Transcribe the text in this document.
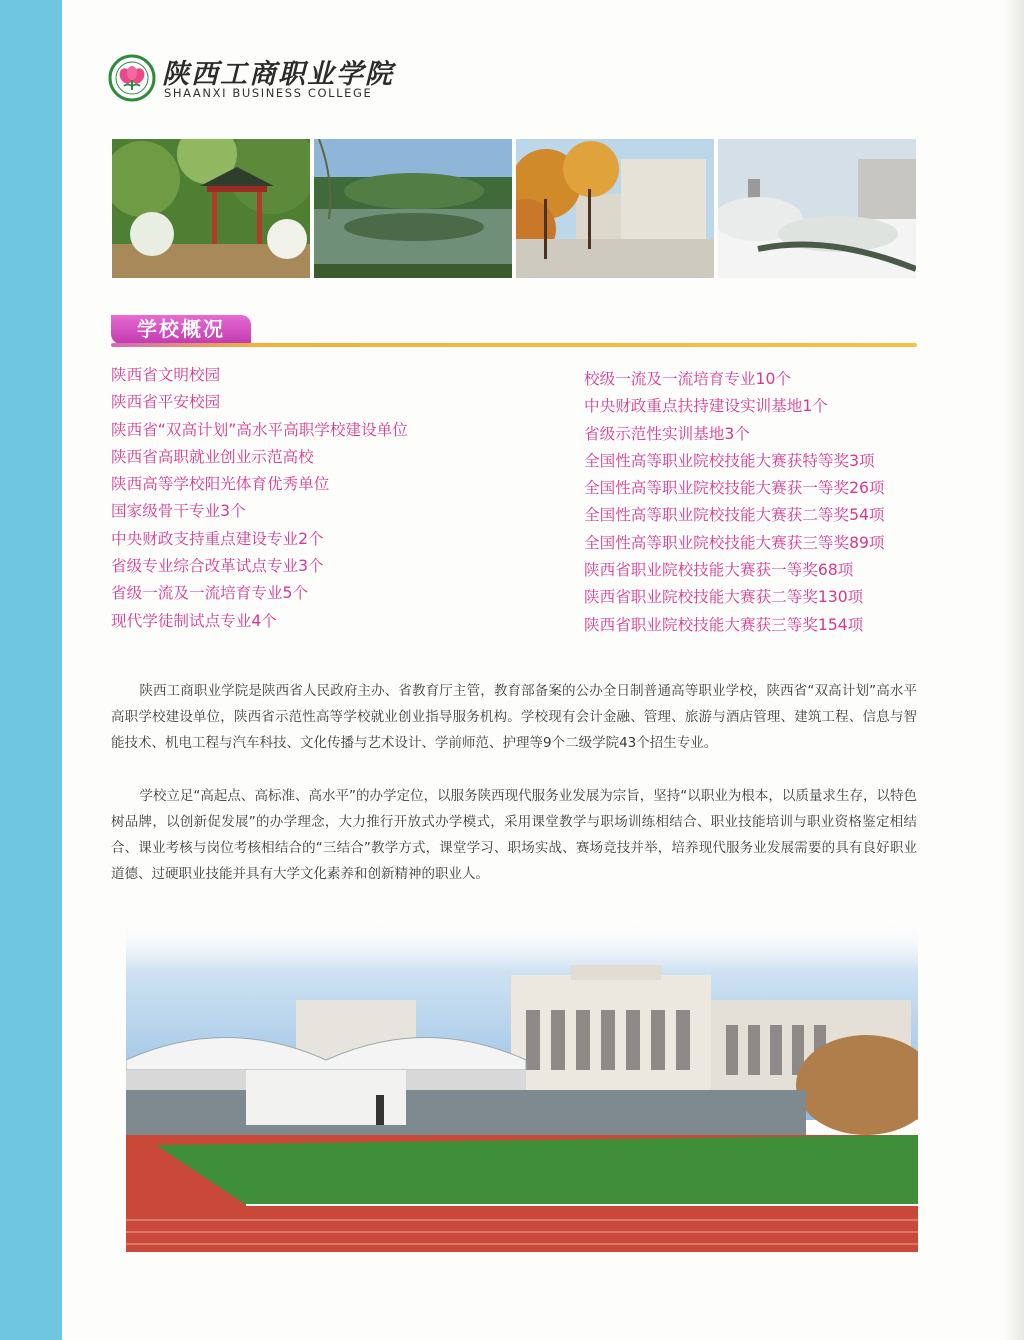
陕西工商职业学院
SHAANXI BUSINESS COLLEGE
学校概况
陕西省文明校园
陕西省平安校园
陕西省“双高计划”高水平高职学校建设单位
陕西省高职就业创业示范高校
陕西高等学校阳光体育优秀单位
国家级骨干专业3个
中央财政支持重点建设专业2个
省级专业综合改革试点专业3个
省级一流及一流培育专业5个
现代学徒制试点专业4个
校级一流及一流培育专业10个
中央财政重点扶持建设实训基地1个
省级示范性实训基地3个
全国性高等职业院校技能大赛获特等奖3项
全国性高等职业院校技能大赛获一等奖26项
全国性高等职业院校技能大赛获二等奖54项
全国性高等职业院校技能大赛获三等奖89项
陕西省职业院校技能大赛获一等奖68项
陕西省职业院校技能大赛获二等奖130项
陕西省职业院校技能大赛获三等奖154项

陕西工商职业学院是陕西省人民政府主办、省教育厅主管，教育部备案的公办全日制普通高等职业学校，陕西省“双高计划”高水平高职学校建设单位，陕西省示范性高等学校就业创业指导服务机构。学校现有会计金融、管理、旅游与酒店管理、建筑工程、信息与智能技术、机电工程与汽车科技、文化传播与艺术设计、学前师范、护理等9个二级学院43个招生专业。

学校立足“高起点、高标准、高水平”的办学定位，以服务陕西现代服务业发展为宗旨，坚持“以职业为根本，以质量求生存，以特色树品牌，以创新促发展”的办学理念，大力推行开放式办学模式，采用课堂教学与职场训练相结合、职业技能培训与职业资格鉴定相结合、课业考核与岗位考核相结合的“三结合”教学方式，课堂学习、职场实战、赛场竞技并举，培养现代服务业发展需要的具有良好职业道德、过硬职业技能并具有大学文化素养和创新精神的职业人。
